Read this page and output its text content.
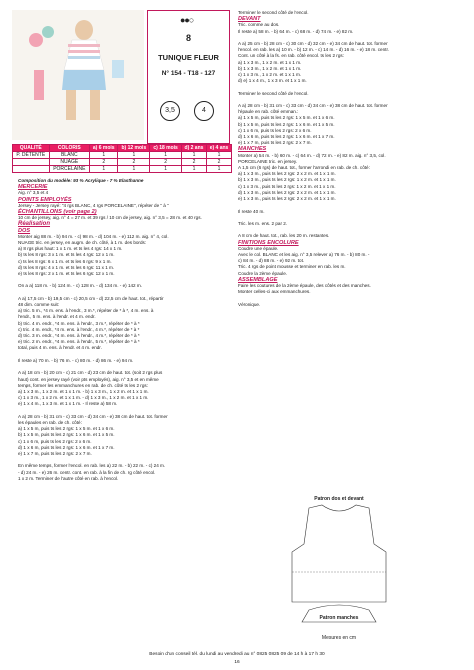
●●○
8
TUNIQUE FLEUR
N° 154 - T18 - 127
3,5	4
QUALITÉ	COLORIS	a) 6 mois	b) 12 mois	c) 18 mois	d) 2 ans	e) 4 ans
P. DÉTENTE	BLANC	1	1	1	1	1
	NUAGE	2	2	2	2	2
	PORCELAINE	1	1	1	1	1

Composition du modèle: 93 % Acrylique - 7 % Elasthanne

MERCERIE

Aig. n° 3,5 et 4

POINTS EMPLOYÉS

Jersey - Jersey rayé: "4 rgs BLANC, 4 rgs PORCELAINE", répéter de " à "

ÉCHANTILLONS (voir page 2)

10 cm de jersey, aig. n° 4 = 27 m. et 39 rgs / 10 cm de jersey, aig. n° 3,5 = 28 m. et 40 rgs.

Réalisation

DOS

Monter aig 88 m. - b) 94 m. - c) 98 m. - d) 104 m. - e) 112 m. aig. n° 4, col.

NUAGE tric. en jersey, en augm. de ch. côté, à 1 m. des bords:

a) 8 rgs plus haut: 1 x 1 m. et ts les 4 rgs: 14 x 1 m.

b) ts les 8 rgs: 3 x 1 m. et ts les 4 rgs: 12 x 1 m.

c) ts les 8 rgs: 6 x 1 m. et ts les 6 rgs: 9 x 1 m.

d) ts les 8 rgs: 4 x 1 m. et ts les 6 rgs: 11 x 1 m.

e) ts les 8 rgs: 2 x 1 m. et ts les 6 rgs: 12 x 1 m.

On a a) 118 m. - b) 124 m. - c) 128 m. - d) 134 m. - e) 142 m.

A a) 17,5 cm - b) 19,5 cm - c) 20,5 cm - d) 22,5 cm de haut. tot., répartir

48 dim. comme suit:

a) tric. 5 m., *4 m. ens. à l'endr., 3 m.*, répéter de * à *, 4 m. ens. à

l'endr., 5 m. ens. à l'endr. et 4 m. endr.

b) tric. 4 m. endr., *4 m. ens. à l'endr., 3 m.*, répéter de * à *

c) tric. 4 m. endr., *4 m. ens. à l'endr., 4 m.*, répéter de * à *

d) tric. 3 m. endr., *4 m. ens. à l'endr., 4 m.*, répéter de * à *

e) tric. 2 m. endr., *4 m. ens. à l'endr., 5 m.*, répéter de * à *

total, puis 4 m. ens. à l'endr. et 4 m. endr.

Il reste a) 70 m. - b) 76 m. - c) 80 m. - d) 86 m. - e) 94 m.

A a) 18 cm - b) 20 cm - c) 21 cm - d) 23 cm de haut. tot. (soit 2 rgs plus

haut) cont. en jersey rayé (voir pts employés), aig. n° 3,5 et en même

temps, former les emmanchures en rab. de ch. côté ts les 2 rgs:

a) 1 x 3 m., 1 x 2 m. et 1 x 1 m. - b) 1 x 3 m., 1 x 2 m. et 1 x 1 m.

c) 1 x 3 m., 1 x 2 m. et 1 x 1 m. - d) 1 x 3 m., 1 x 2 m. et 1 x 1 m.

e) 1 x 4 m., 1 x 3 m. et 1 x 1 m. - Il reste a) 58 m.

A a) 28 cm - b) 31 cm - c) 33 cm - d) 34 cm - e) 38 cm de haut. tot. former

les épaules en rab. de ch. côté:

a) 1 x 5 m, puis ts les 2 rgs: 1 x 5 m. et 1 x 6 m.

b) 1 x 5 m, puis ts les 2 rgs: 1 x 6 m. et 1 x 5 m.

c) 1 x 6 m, puis ts les 2 rgs: 2 x 6 m.

d) 1 x 6 m, puis ts les 2 rgs: 1 x 6 m. et 1 x 7 m.

e) 1 x 7 m, puis ts les 2 rgs: 2 x 7 m.

En même temps, former l'encol. en rab. les a) 22 m. - b) 22 m. - c) 24 m.

- d) 24 m. - e) 26 m. centr. cont. en rab. à la fin de ch. rg côté encol.

1 x 2 m. Terminer de l'autre côté en rab. à l'encol.

Terminer le second côté de l'encol.

DEVANT

Tric. comme au dos.

Il reste a) 58 m. - b) 64 m. - c) 68 m. - d) 74 m. - e) 82 m.

A a) 25 cm - b) 28 cm - c) 30 cm - d) 32 cm - e) 34 cm de haut. tot. former

l'encol. en rab. les a) 10 m. - b) 12 m. - c) 14 m. - d) 16 m. - e) 18 m. centr.

Cont. un côté à la fs. en rab. côté encol. ts les 2 rgs:

a) 1 x 3 m., 1 x 2 m. et 1 x 1 m.

b) 1 x 3 m., 1 x 2 m. et 1 x 1 m.

c) 1 x 3 m., 1 x 2 m. et 1 x 1 m.

d) e) 1 x 4 m., 1 x 3 m. et 1 x 1 m.

Terminer le second côté de l'encol.

A a) 28 cm - b) 31 cm - c) 33 cm - d) 34 cm - e) 38 cm de haut. tot. former

l'épaule en rab. côté emman.:

a) 1 x 5 m, puis ts les 2 rgs: 1 x 5 m. et 1 x 6 m.

b) 1 x 5 m, puis ts les 2 rgs: 1 x 6 m. et 1 x 5 m.

c) 1 x 6 m, puis ts les 2 rgs: 2 x 6 m.

d) 1 x 6 m, puis ts les 2 rgs: 1 x 6 m. et 1 x 7 m.

e) 1 x 7 m, puis ts les 2 rgs: 2 x 7 m.

MANCHES

Monter a) 54 m. - b) 60 m. - c) 64 m. - d) 72 m. - e) 82 m. aig. n° 3,5, col.

PORCELAINE tric. en jersey.

A 1,5 cm (6 rgs) de haut. tot., former l'arrondi en rab. de ch. côté:

a) 1 x 3 m., puis ts les 2 rgs: 2 x 2 m. et 1 x 1 m.

b) 1 x 3 m., puis ts les 2 rgs: 1 x 2 m. et 1 x 1 m.

c) 1 x 3 m., puis ts les 2 rgs: 1 x 2 m. et 1 x 1 m.

d) 1 x 3 m., puis ts les 2 rgs: 2 x 2 m. et 1 x 1 m.

e) 1 x 3 m., puis ts les 2 rgs: 2 x 2 m. et 1 x 1 m.

Il reste 40 m.

Tric. les m. ens. 2 par 2.

A 8 cm de haut. tot., rab. les 20 m. restantes.

FINITIONS ENCOLURE

Coudre une épaule.

Avec le col. BLANC et les aig. n° 3,5 relever a) 76 m. - b) 80 m. -

c) 84 m. - d) 88 m. - e) 92 m. tot.

Tric. 4 rgs de point mousse et terminer en rab. les m.

Coudre la 2ème épaule.

ASSEMBLAGE

Faire les coutures de la 2ème épaule, des côtés et des manches.

Monter celles-ci aux emmanchures.

Véronique.

Patron dos et devant
Patron manches
Mesures en cm
Besoin d'un conseil tél. du lundi au vendredi au n° 0825 0825 09 de 14 h à 17 h 30
16
